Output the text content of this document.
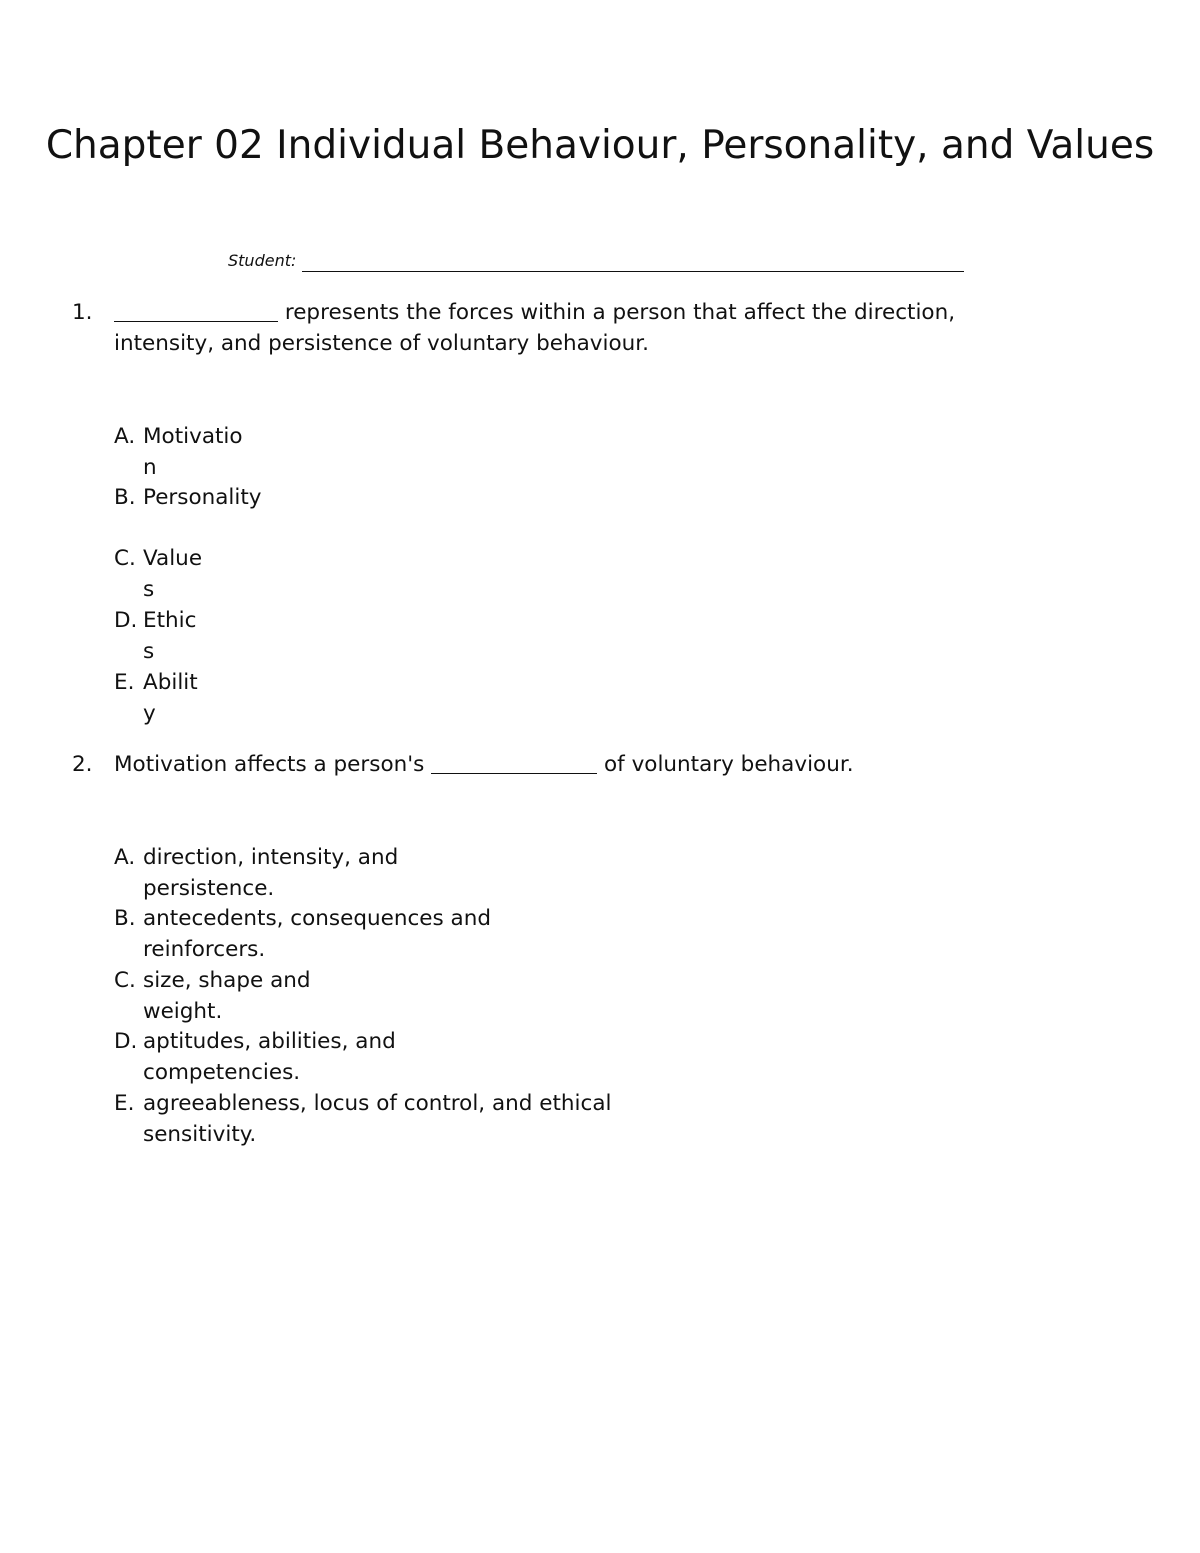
Chapter 02 Individual Behaviour, Personality, and Values
Student:
1.	represents the forces within a person that affect the direction, intensity, and persistence of voluntary behaviour.
A. Motivation
B. Personality
C. Values
D. Ethics
E. Ability
2. Motivation affects a person's	of voluntary behaviour.
A. direction, intensity, and
persistence.
B. antecedents, consequences and
reinforcers.
C. size, shape and
weight.
D. aptitudes, abilities, and
competencies.
E. agreeableness, locus of control, and ethical
sensitivity.
